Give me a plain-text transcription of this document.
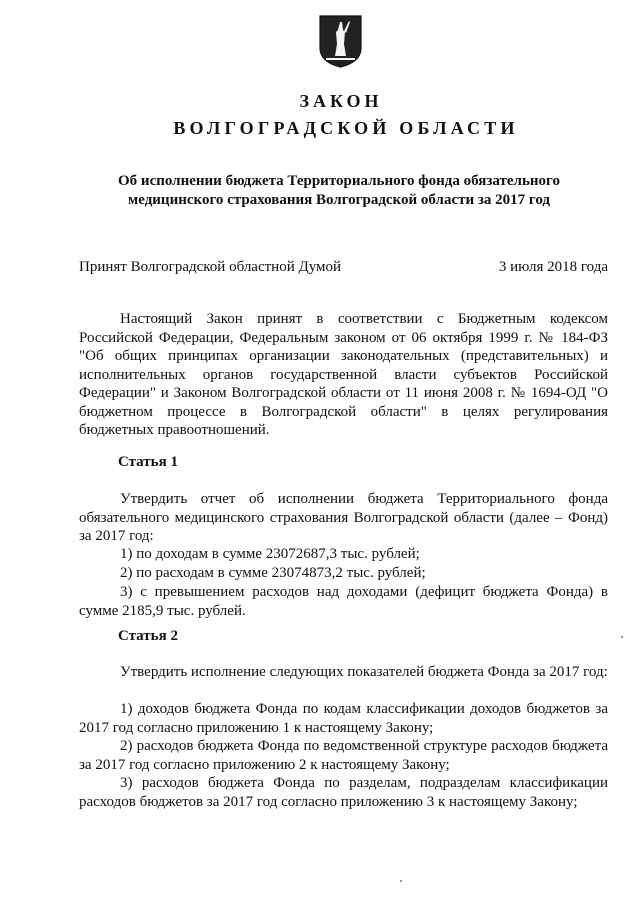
ЗАКОН
ВОЛГОГРАДСКОЙ ОБЛАСТИ
Об исполнении бюджета Территориального фонда обязательного
медицинского страхования Волгоградской области за 2017 год
Принят Волгоградской областной Думой	3 июля 2018 года
Настоящий Закон принят в соответствии с Бюджетным кодексом Российской Федерации, Федеральным законом от 06 октября 1999 г. № 184-ФЗ "Об общих принципах организации законодательных (представительных) и исполнительных органов государственной власти субъектов Российской Федерации" и Законом Волгоградской области от 11 июня 2008 г. № 1694-ОД "О бюджетном процессе в Волгоградской области" в целях регулирования бюджетных правоотношений.
Статья 1
Утвердить отчет об исполнении бюджета Территориального фонда обязательного медицинского страхования Волгоградской области (далее – Фонд) за 2017 год:
1) по доходам в сумме 23072687,3 тыс. рублей;
2) по расходам в сумме 23074873,2 тыс. рублей;
3) с превышением расходов над доходами (дефицит бюджета Фонда) в сумме 2185,9 тыс. рублей.
Статья 2
Утвердить исполнение следующих показателей бюджета Фонда за 2017 год:
1) доходов бюджета Фонда по кодам классификации доходов бюджетов за 2017 год согласно приложению 1 к настоящему Закону;
2) расходов бюджета Фонда по ведомственной структуре расходов бюджета за 2017 год согласно приложению 2 к настоящему Закону;
3) расходов бюджета Фонда по разделам, подразделам классификации расходов бюджетов за 2017 год согласно приложению 3 к настоящему Закону;
